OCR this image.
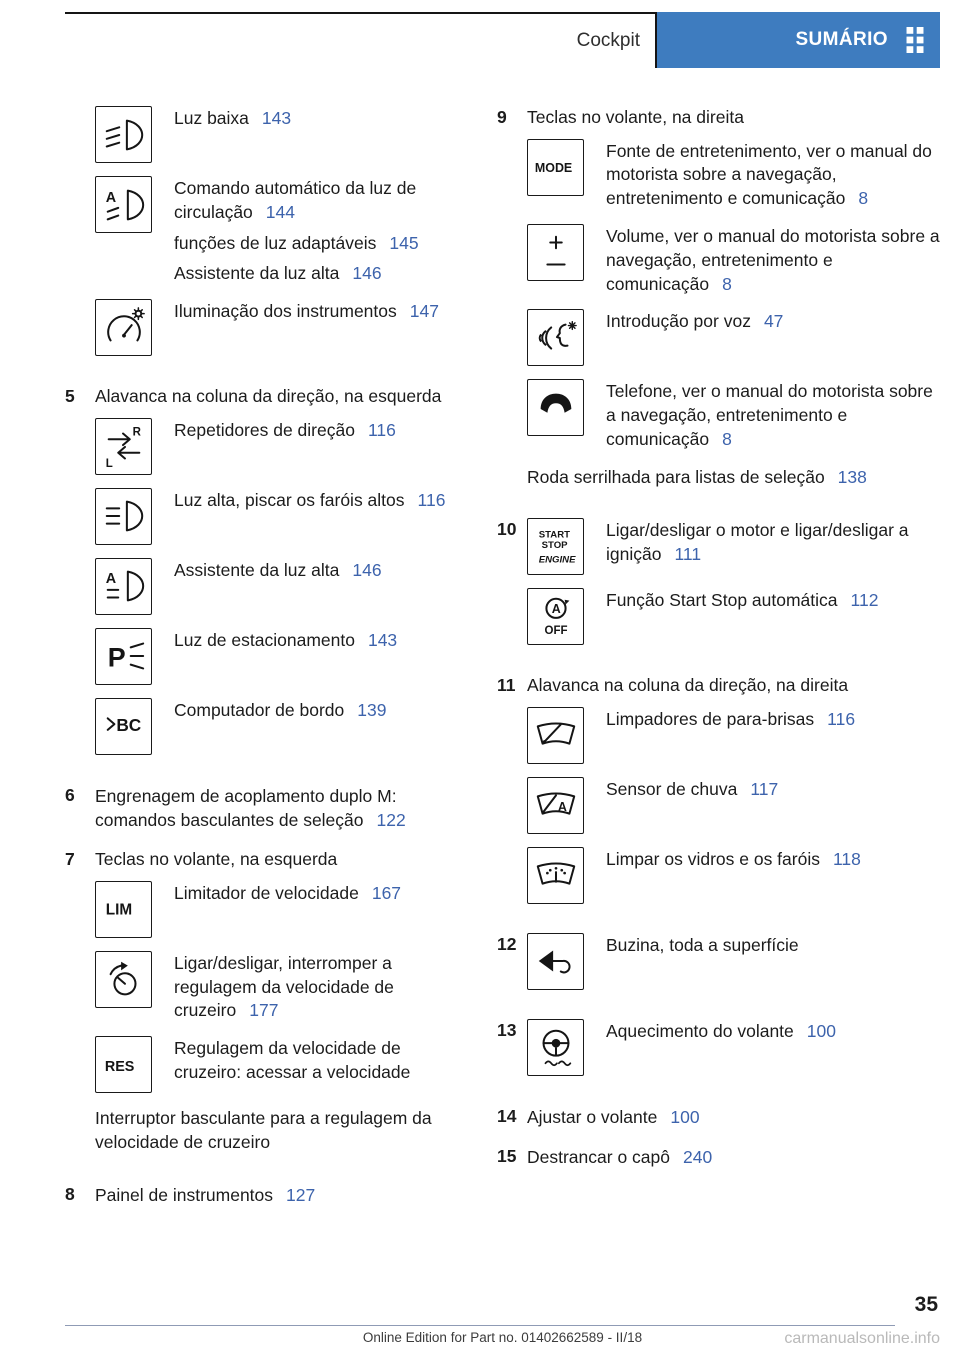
Cockpit	SUMÁRIO

Luz baixa 143

Comando automático da luz de circulação 144

funções de luz adaptáveis 145

Assistente da luz alta 146

Iluminação dos instrumentos 147

5	Alavanca na coluna da direção, na esquerda

Repetidores de direção 116

Luz alta, piscar os faróis altos 116

Assistente da luz alta 146

Luz de estacionamento 143

Computador de bordo 139

6	Engrenagem de acoplamento duplo M: comandos basculantes de seleção 122

7	Teclas no volante, na esquerda

Limitador de velocidade 167

Ligar/desligar, interromper a regulagem da velocidade de cruzeiro 177

Regulagem da velocidade de cruzeiro: acessar a velocidade

Interruptor basculante para a regulagem da velocidade de cruzeiro

8	Painel de instrumentos 127

9	Teclas no volante, na direita

Fonte de entretenimento, ver o manual do motorista sobre a navegação, entretenimento e comunicação 8

Volume, ver o manual do motorista sobre a navegação, entretenimento e comunicação 8

Introdução por voz 47

Telefone, ver o manual do motorista sobre a navegação, entretenimento e comunicação 8

Roda serrilhada para listas de seleção 138

10	Ligar/desligar o motor e ligar/desligar a ignição 111

Função Start Stop automática 112

11 Alavanca na coluna da direção, na direita

Limpadores de para-brisas 116

Sensor de chuva 117

Limpar os vidros e os faróis 118

12	Buzina, toda a superfície

13	Aquecimento do volante 100

14 Ajustar o volante 100

15 Destrancar o capô 240

35
Online Edition for Part no. 01402662589 - II/18	carmanualsonline.info
